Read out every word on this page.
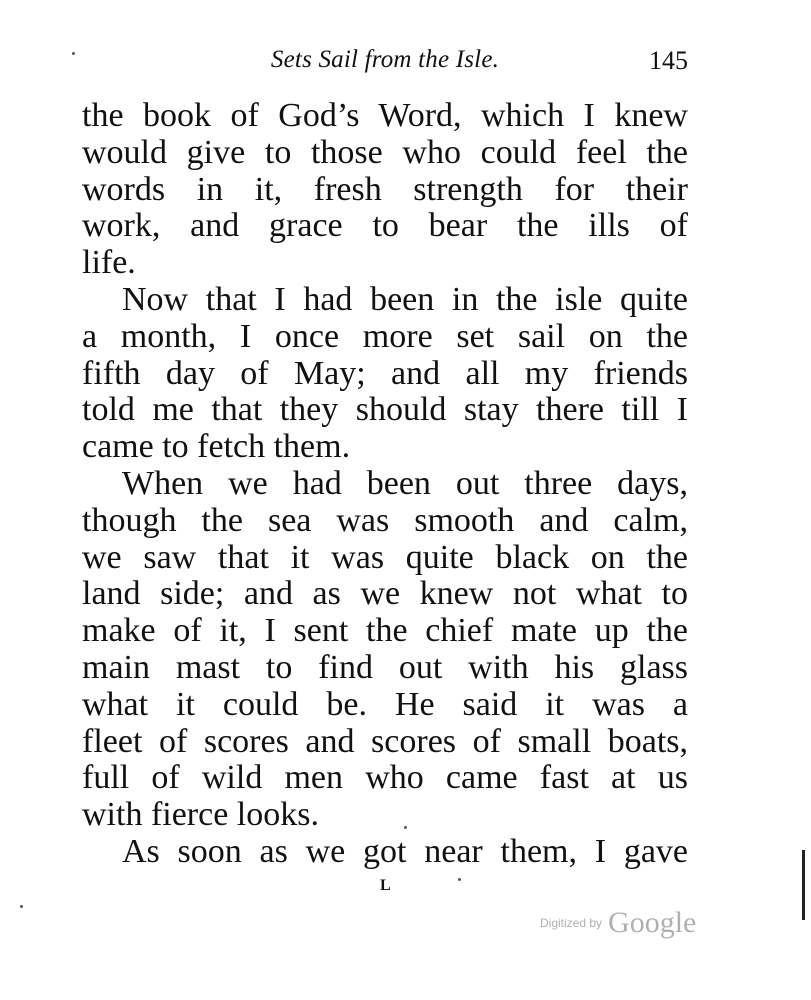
Sets Sail from the Isle.	145
the book of God’s Word, which I knew
would give to those who could feel the
words in it, fresh strength for their
work, and grace to bear the ills of
life.
Now that I had been in the isle quite
a month, I once more set sail on the
fifth day of May; and all my friends
told me that they should stay there till I
came to fetch them.
When we had been out three days,
though the sea was smooth and calm,
we saw that it was quite black on the
land side; and as we knew not what to
make of it, I sent the chief mate up the
main mast to find out with his glass
what it could be. He said it was a
fleet of scores and scores of small boats,
full of wild men who came fast at us
with fierce looks.
As soon as we got near them, I gave
L
Digitized by Google
